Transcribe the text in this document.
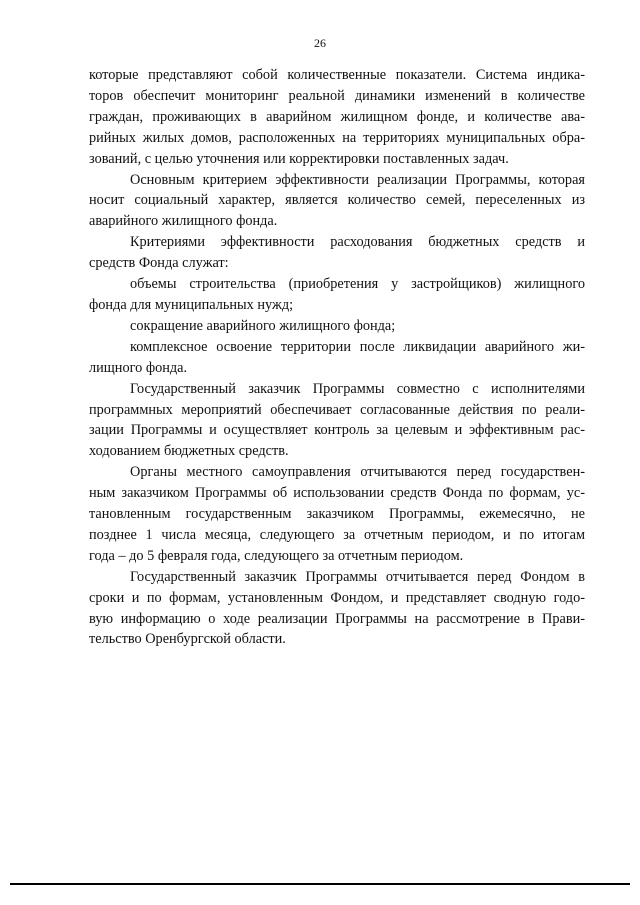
26

которые представляют собой количественные показатели. Система индика-
торов обеспечит мониторинг реальной динамики изменений в количестве
граждан, проживающих в аварийном жилищном фонде, и количестве ава-
рийных жилых домов, расположенных на территориях муниципальных обра-
зований, с целью уточнения или корректировки поставленных задач.

Основным критерием эффективности реализации Программы, которая
носит социальный характер, является количество семей, переселенных из
аварийного жилищного фонда.

Критериями эффективности расходования бюджетных средств и
средств Фонда служат:

объемы строительства (приобретения у застройщиков) жилищного
фонда для муниципальных нужд;

сокращение аварийного жилищного фонда;

комплексное освоение территории после ликвидации аварийного жи-
лищного фонда.

Государственный заказчик Программы совместно с исполнителями
программных мероприятий обеспечивает согласованные действия по реали-
зации Программы и осуществляет контроль за целевым и эффективным рас-
ходованием бюджетных средств.

Органы местного самоуправления отчитываются перед государствен-
ным заказчиком Программы об использовании средств Фонда по формам, ус-
тановленным государственным заказчиком Программы, ежемесячно, не
позднее 1 числа месяца, следующего за отчетным периодом, и по итогам
года – до 5 февраля года, следующего за отчетным периодом.

Государственный заказчик Программы отчитывается перед Фондом в
сроки и по формам, установленным Фондом, и представляет сводную годо-
вую информацию о ходе реализации Программы на рассмотрение в Прави-
тельство Оренбургской области.
